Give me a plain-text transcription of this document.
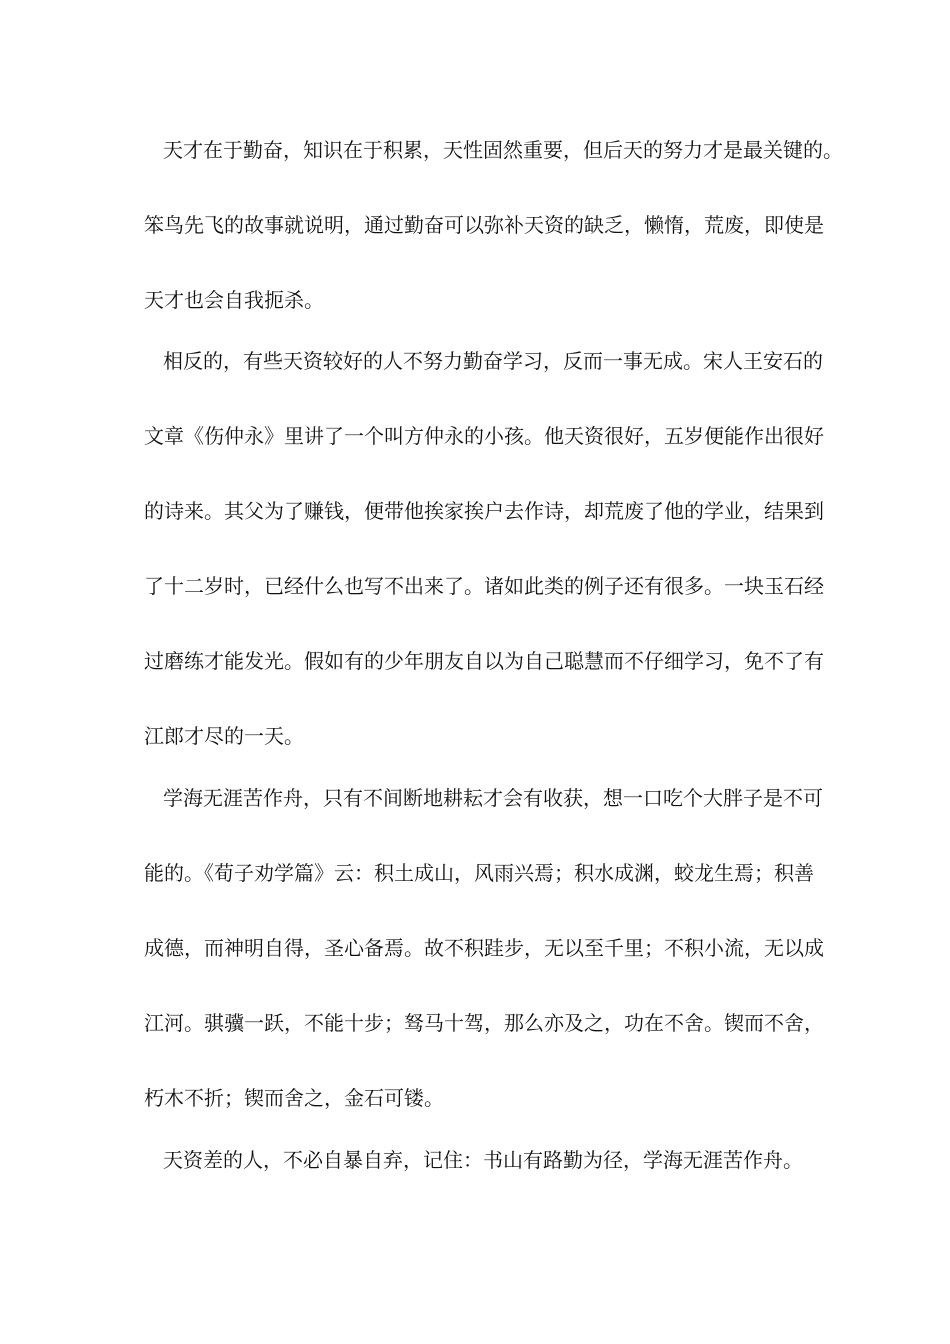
天才在于勤奋，知识在于积累，天性固然重要，但后天的努力才是最关键的。

笨鸟先飞的故事就说明，通过勤奋可以弥补天资的缺乏，懒惰，荒废，即使是

天才也会自我扼杀。

相反的，有些天资较好的人不努力勤奋学习，反而一事无成。宋人王安石的

文章《伤仲永》里讲了一个叫方仲永的小孩。他天资很好，五岁便能作出很好

的诗来。其父为了赚钱，便带他挨家挨户去作诗，却荒废了他的学业，结果到

了十二岁时，已经什么也写不出来了。诸如此类的例子还有很多。一块玉石经

过磨练才能发光。假如有的少年朋友自以为自己聪慧而不仔细学习，免不了有

江郎才尽的一天。

学海无涯苦作舟，只有不间断地耕耘才会有收获，想一口吃个大胖子是不可

能的。《荀子劝学篇》云：积土成山，风雨兴焉；积水成渊，蛟龙生焉；积善

成德，而神明自得，圣心备焉。故不积跬步，无以至千里；不积小流，无以成

江河。骐骥一跃，不能十步；驽马十驾，那么亦及之，功在不舍。锲而不舍，

朽木不折；锲而舍之，金石可镂。

天资差的人，不必自暴自弃，记住：书山有路勤为径，学海无涯苦作舟。
